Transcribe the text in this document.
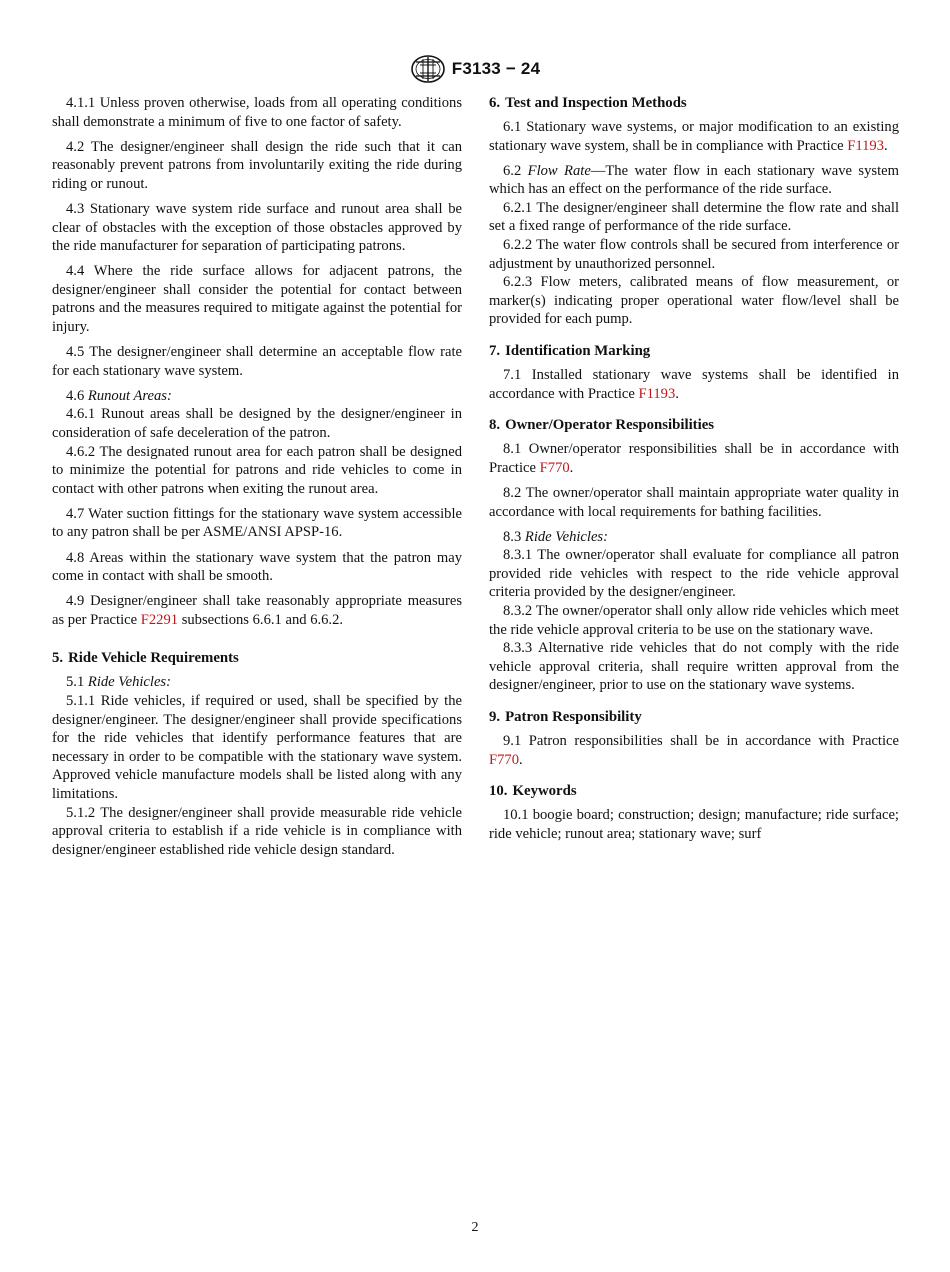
F3133 − 24

4.1.1 Unless proven otherwise, loads from all operating conditions shall demonstrate a minimum of five to one factor of safety.

4.2 The designer/engineer shall design the ride such that it can reasonably prevent patrons from involuntarily exiting the ride during riding or runout.

4.3 Stationary wave system ride surface and runout area shall be clear of obstacles with the exception of those obstacles approved by the ride manufacturer for separation of participating patrons.

4.4 Where the ride surface allows for adjacent patrons, the designer/engineer shall consider the potential for contact between patrons and the measures required to mitigate against the potential for injury.

4.5 The designer/engineer shall determine an acceptable flow rate for each stationary wave system.

4.6 Runout Areas:

4.6.1 Runout areas shall be designed by the designer/engineer in consideration of safe deceleration of the patron.

4.6.2 The designated runout area for each patron shall be designed to minimize the potential for patrons and ride vehicles to come in contact with other patrons when exiting the runout area.

4.7 Water suction fittings for the stationary wave system accessible to any patron shall be per ASME/ANSI APSP-16.

4.8 Areas within the stationary wave system that the patron may come in contact with shall be smooth.

4.9 Designer/engineer shall take reasonably appropriate measures as per Practice F2291 subsections 6.6.1 and 6.6.2.

5. Ride Vehicle Requirements

5.1 Ride Vehicles:

5.1.1 Ride vehicles, if required or used, shall be specified by the designer/engineer. The designer/engineer shall provide specifications for the ride vehicles that identify performance features that are necessary in order to be compatible with the stationary wave system. Approved vehicle manufacture models shall be listed along with any limitations.

5.1.2 The designer/engineer shall provide measurable ride vehicle approval criteria to establish if a ride vehicle is in compliance with designer/engineer established ride vehicle design standard.

6. Test and Inspection Methods

6.1 Stationary wave systems, or major modification to an existing stationary wave system, shall be in compliance with Practice F1193.

6.2 Flow Rate—The water flow in each stationary wave system which has an effect on the performance of the ride surface.

6.2.1 The designer/engineer shall determine the flow rate and shall set a fixed range of performance of the ride surface.

6.2.2 The water flow controls shall be secured from interference or adjustment by unauthorized personnel.

6.2.3 Flow meters, calibrated means of flow measurement, or marker(s) indicating proper operational water flow/level shall be provided for each pump.

7. Identification Marking

7.1 Installed stationary wave systems shall be identified in accordance with Practice F1193.

8. Owner/Operator Responsibilities

8.1 Owner/operator responsibilities shall be in accordance with Practice F770.

8.2 The owner/operator shall maintain appropriate water quality in accordance with local requirements for bathing facilities.

8.3 Ride Vehicles:

8.3.1 The owner/operator shall evaluate for compliance all patron provided ride vehicles with respect to the ride vehicle approval criteria provided by the designer/engineer.

8.3.2 The owner/operator shall only allow ride vehicles which meet the ride vehicle approval criteria to be use on the stationary wave.

8.3.3 Alternative ride vehicles that do not comply with the ride vehicle approval criteria, shall require written approval from the designer/engineer, prior to use on the stationary wave systems.

9. Patron Responsibility

9.1 Patron responsibilities shall be in accordance with Practice F770.

10. Keywords

10.1 boogie board; construction; design; manufacture; ride surface; ride vehicle; runout area; stationary wave; surf

2
